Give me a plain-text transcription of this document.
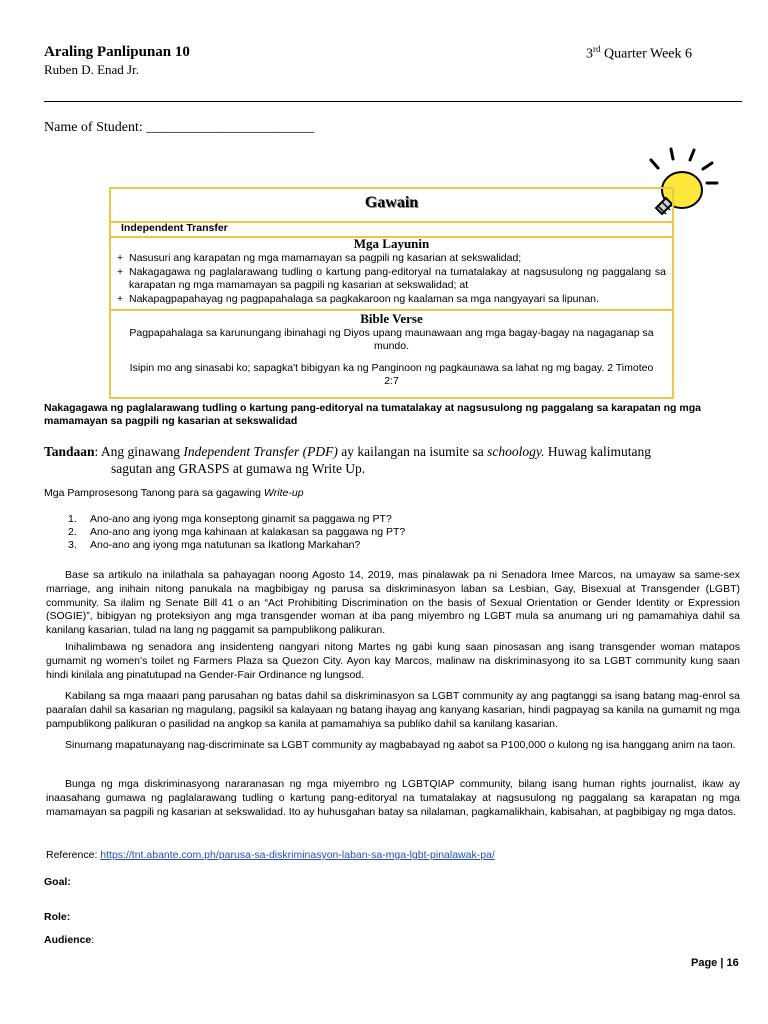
Araling Panlipunan 10
Ruben D. Enad Jr.
3rd Quarter Week 6
Name of Student: ________________________
Gawain
Independent Transfer
Mga Layunin
+ Nasusuri ang karapatan ng mga mamamayan sa pagpili ng kasarian at sekswalidad;
+ Nakagagawa ng paglalarawang tudling o kartung pang-editoryal na tumatalakay at nagsusulong ng paggalang sa karapatan ng mga mamamayan sa pagpili ng kasarian at sekswalidad; at
+ Nakapagpapahayag ng pagpapahalaga sa pagkakaroon ng kaalaman sa mga nangyayari sa lipunan.
Bible Verse

Pagpapahalaga sa karunungang ibinahagi ng Diyos upang maunawaan ang mga bagay-bagay na nagaganap sa mundo.

Isipin mo ang sinasabi ko; sapagka't bibigyan ka ng Panginoon ng pagkaunawa sa lahat ng mg bagay. 2 Timoteo 2:7

Nakagagawa ng paglalarawang tudling o kartung pang-editoryal na tumatalakay at nagsusulong ng paggalang sa karapatan ng mga mamamayan sa pagpili ng kasarian at sekswalidad
Tandaan: Ang ginawang Independent Transfer (PDF) ay kailangan na isumite sa schoology. Huwag kalimutang
sagutan ang GRASPS at gumawa ng Write Up.
Mga Pamprosesong Tanong para sa gagawing Write-up
1.	Ano-ano ang iyong mga konseptong ginamit sa paggawa ng PT?
2.	Ano-ano ang iyong mga kahinaan at kalakasan sa paggawa ng PT?
3.	Ano-ano ang iyong mga natutunan sa Ikatlong Markahan?

Base sa artikulo na inilathala sa pahayagan noong Agosto 14, 2019, mas pinalawak pa ni Senadora Imee Marcos, na umayaw sa same-sex marriage, ang inihain nitong panukala na magbibigay ng parusa sa diskriminasyon laban sa Lesbian, Gay, Bisexual at Transgender (LGBT) community. Sa ilalim ng Senate Bill 41 o an “Act Prohibiting Discrimination on the basis of Sexual Orientation or Gender Identity or Expression (SOGIE)”, bibigyan ng proteksiyon ang mga transgender woman at iba pang miyembro ng LGBT mula sa anumang uri ng pamamahiya dahil sa kanilang kasarian, tulad na lang ng paggamit sa pampublikong palikuran.

Inihalimbawa ng senadora ang insidenteng nangyari nitong Martes ng gabi kung saan pinosasan ang isang transgender woman matapos gumamit ng women’s toilet ng Farmers Plaza sa Quezon City. Ayon kay Marcos, malinaw na diskriminasyong ito sa LGBT community kung saan hindi kinilala ang pinatutupad na Gender-Fair Ordinance ng lungsod.

Kabilang sa mga maaari pang parusahan ng batas dahil sa diskriminasyon sa LGBT community ay ang pagtanggi sa isang batang mag-enrol sa paaralan dahil sa kasarian ng magulang, pagsikil sa kalayaan ng batang ihayag ang kanyang kasarian, hindi pagpayag sa kanila na gumamit ng mga pampublikong palikuran o pasilidad na angkop sa kanila at pamamahiya sa publiko dahil sa kanilang kasarian.

Sinumang mapatunayang nag-discriminate sa LGBT community ay magbabayad ng aabot sa P100,000 o kulong ng isa hanggang anim na taon.

Bunga ng mga diskriminasyong nararanasan ng mga miyembro ng LGBTQIAP community, bilang isang human rights journalist, ikaw ay inaasahang gumawa ng paglalarawang tudling o kartung pang-editoryal na tumatalakay at nagsusulong ng paggalang sa karapatan ng mga mamamayan sa pagpili ng kasarian at sekswalidad. Ito ay huhusgahan batay sa nilalaman, pagkamalikhain, kabisahan, at pagbibigay ng mga datos.

Reference: https://tnt.abante.com.ph/parusa-sa-diskriminasyon-laban-sa-mga-lgbt-pinalawak-pa/
Goal:
Role:
Audience:
Page | 16
